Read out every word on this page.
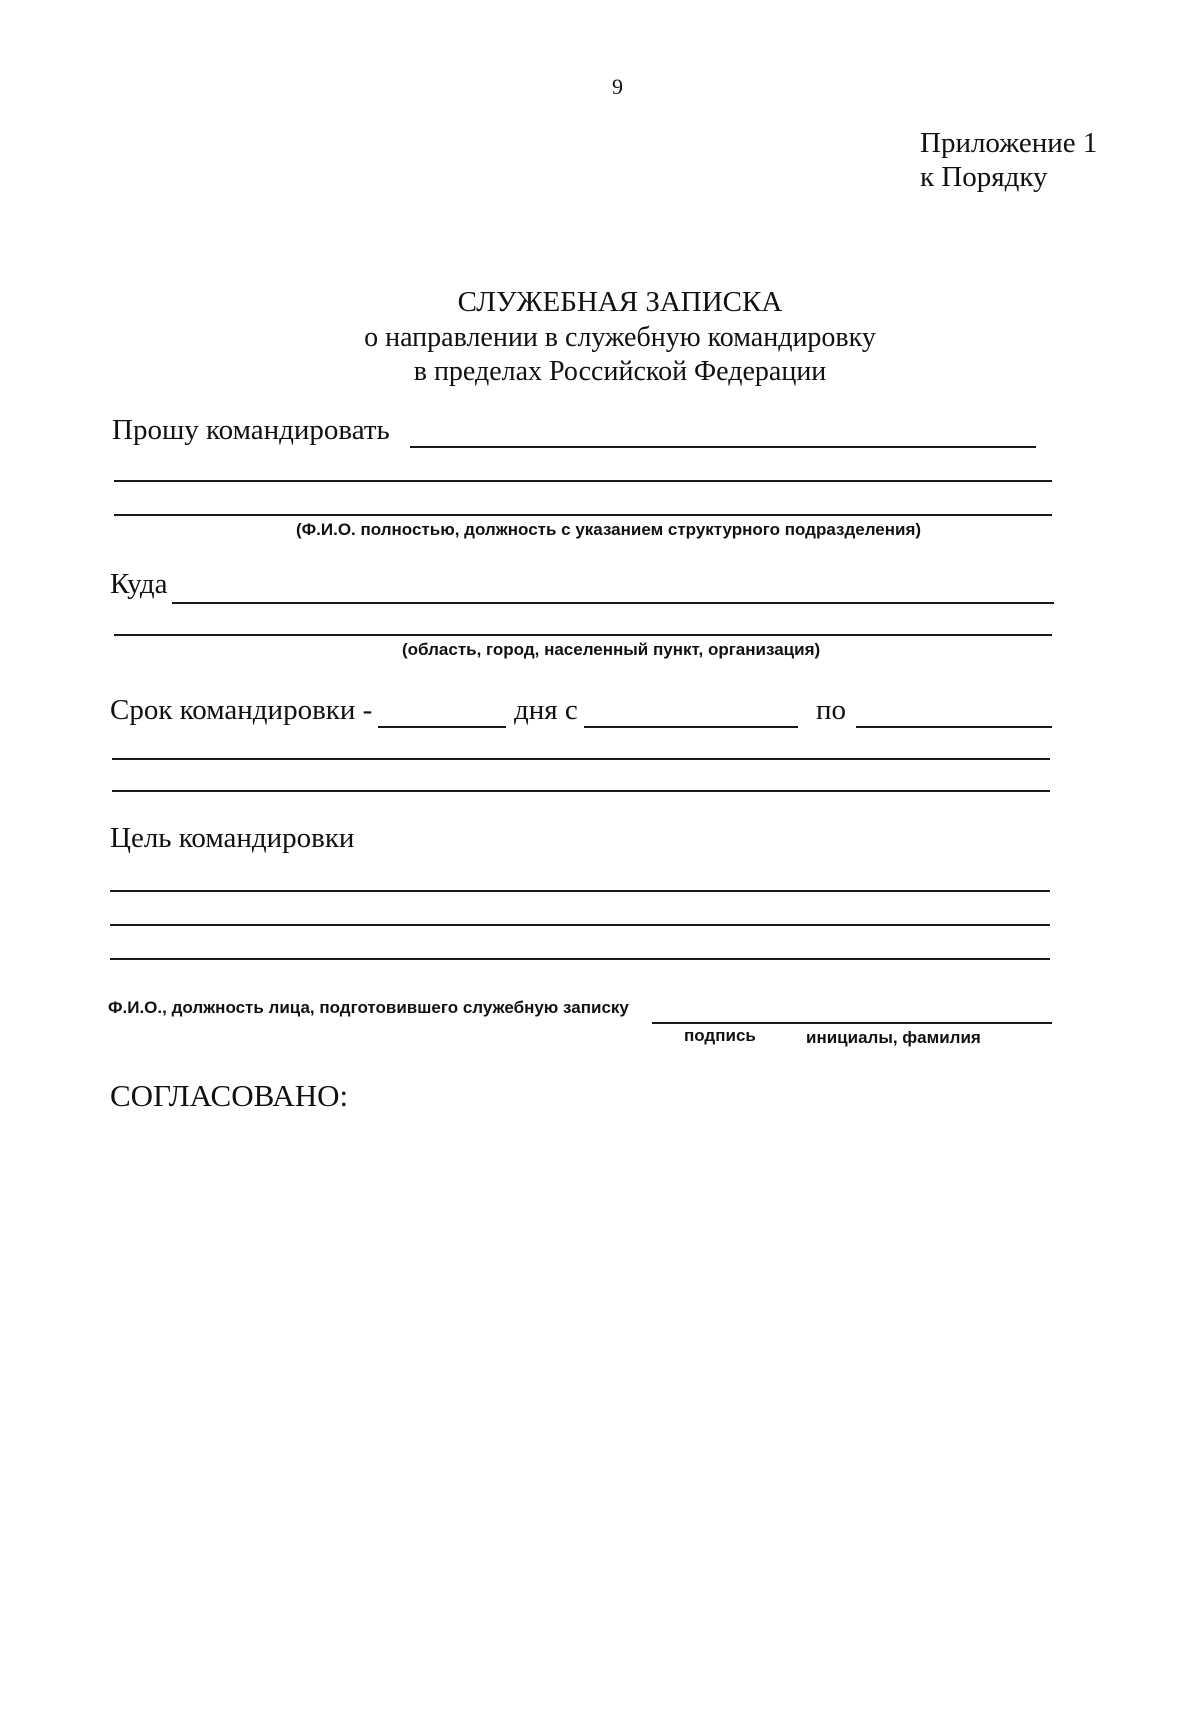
9
Приложение 1
к Порядку
СЛУЖЕБНАЯ ЗАПИСКА
о направлении в служебную командировку
в пределах Российской Федерации
Прошу командировать
(Ф.И.О. полностью, должность с указанием структурного подразделения)
Куда
(область, город, населенный пункт, организация)
Срок командировки -	дня с	по
Цель командировки
Ф.И.О., должность лица, подготовившего служебную записку
подпись	инициалы, фамилия
СОГЛАСОВАНО:
